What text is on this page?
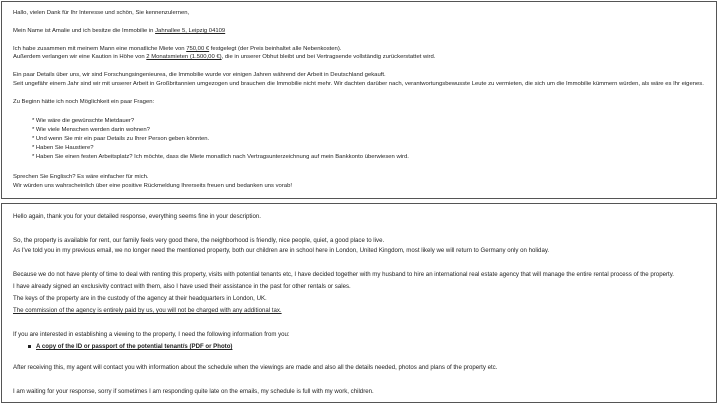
Hallo, vielen Dank für Ihr Interesse und schön, Sie kennenzulernen,
Mein Name ist Amalie und ich besitze die Immobilie in Jahnallee 5, Leipzig 04109
Ich habe zusammen mit meinem Mann eine monatliche Miete von 750,00 € festgelegt (der Preis beinhaltet alle Nebenkosten).
Außerdem verlangen wir eine Kaution in Höhe von 2 Monatsmieten (1.500,00 €), die in unserer Obhut bleibt und bei Vertragsende vollständig zurückerstattet wird.
Ein paar Details über uns, wir sind Forschungsingenieurea, die Immobilie wurde vor einigen Jahren während der Arbeit in Deutschland gekauft.
Seit ungefähr einem Jahr sind wir mit unserer Arbeit in Großbritannien umgezogen und brauchen die Immobilie nicht mehr. Wir dachten darüber nach, verantwortungsbewusste Leute zu vermieten, die sich um die Immobilie kümmern würden, als wäre es Ihr eigenes.
Zu Beginn hätte ich noch Möglichkeit ein paar Fragen:
* Wie wäre die gewünschte Mietdauer?
* Wie viele Menschen werden darin wohnen?
* Und wenn Sie mir ein paar Details zu Ihrer Person geben könnten.
* Haben Sie Haustiere?
* Haben Sie einen festen Arbeitsplatz? Ich möchte, dass die Miete monatlich nach Vertragsunterzeichnung auf mein Bankkonto überwiesen wird.
Sprechen Sie Englisch? Es wäre einfacher für mich.
Wir würden uns wahrscheinlich über eine positive Rückmeldung Ihrerseits freuen und bedanken uns vorab!
Hello again, thank you for your detailed response, everything seems fine in your description.
So, the property is available for rent, our family feels very good there, the neighborhood is friendly, nice people, quiet, a good place to live.
As I've told you in my previous email, we no longer need the mentioned property, both our children are in school here in London, United Kingdom, most likely we will return to Germany only on holiday.
Because we do not have plenty of time to deal with renting this property, visits with potential tenants etc, I have decided together with my husband to hire an international real estate agency that will manage the entire rental process of the property.
I have already signed an exclusivity contract with them, also I have used their assistance in the past for other rentals or sales.
The keys of the property are in the custody of the agency at their headquarters in London, UK.
The commission of the agency is entirely paid by us, you will not be charged with any additional tax.
If you are interested in establishing a viewing to the property, I need the following information from you:
A copy of the ID or passport of the potential tenant/s (PDF or Photo)
After receiving this, my agent will contact you with information about the schedule when the viewings are made and also all the details needed, photos and plans of the property etc.
I am waiting for your response, sorry if sometimes I am responding quite late on the emails, my schedule is full with my work, children.
